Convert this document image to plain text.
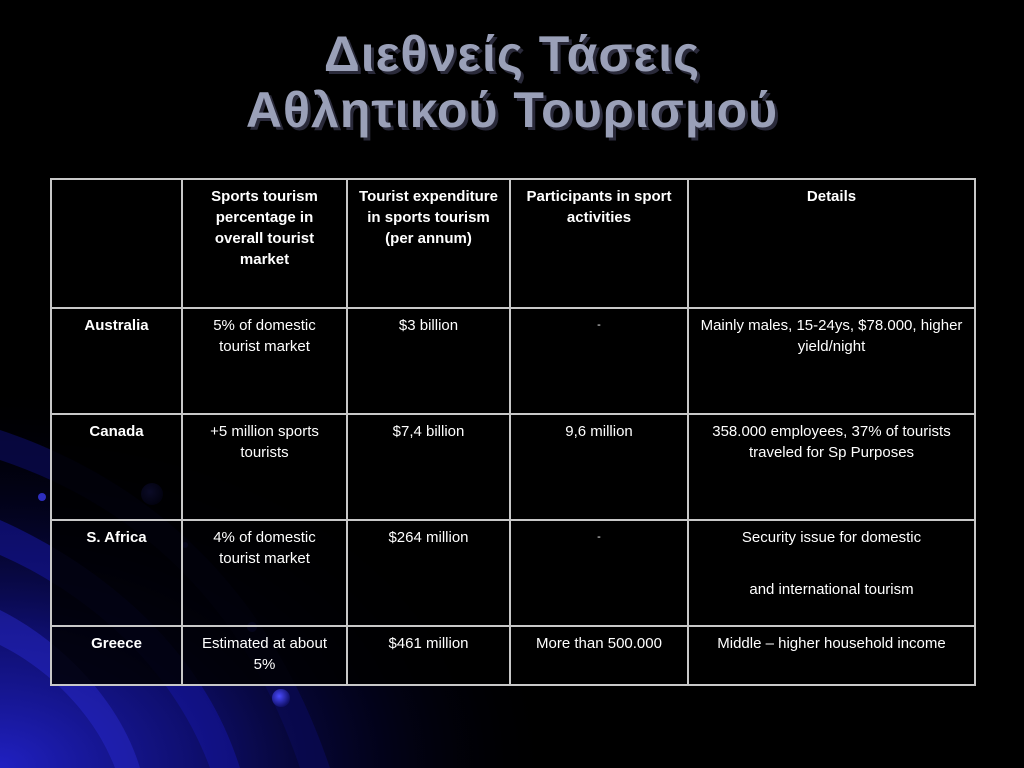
Διεθνείς Τάσεις
Αθλητικού Τουρισμού
	Sports tourism percentage in overall tourist market	Tourist expenditure in sports tourism (per annum)	Participants in sport activities	Details
Australia	5% of domestic tourist market	$3 billion	-	Mainly males, 15-24ys, $78.000, higher yield/night
Canada	+5 million sports tourists	$7,4 billion	9,6 million	358.000 employees, 37% of tourists traveled for Sp Purposes
S. Africa	4% of domestic tourist market	$264 million	-	Security issue for domestic
and international tourism

Greece	Estimated at about 5%	$461 million	More than 500.000	Middle – higher household income
